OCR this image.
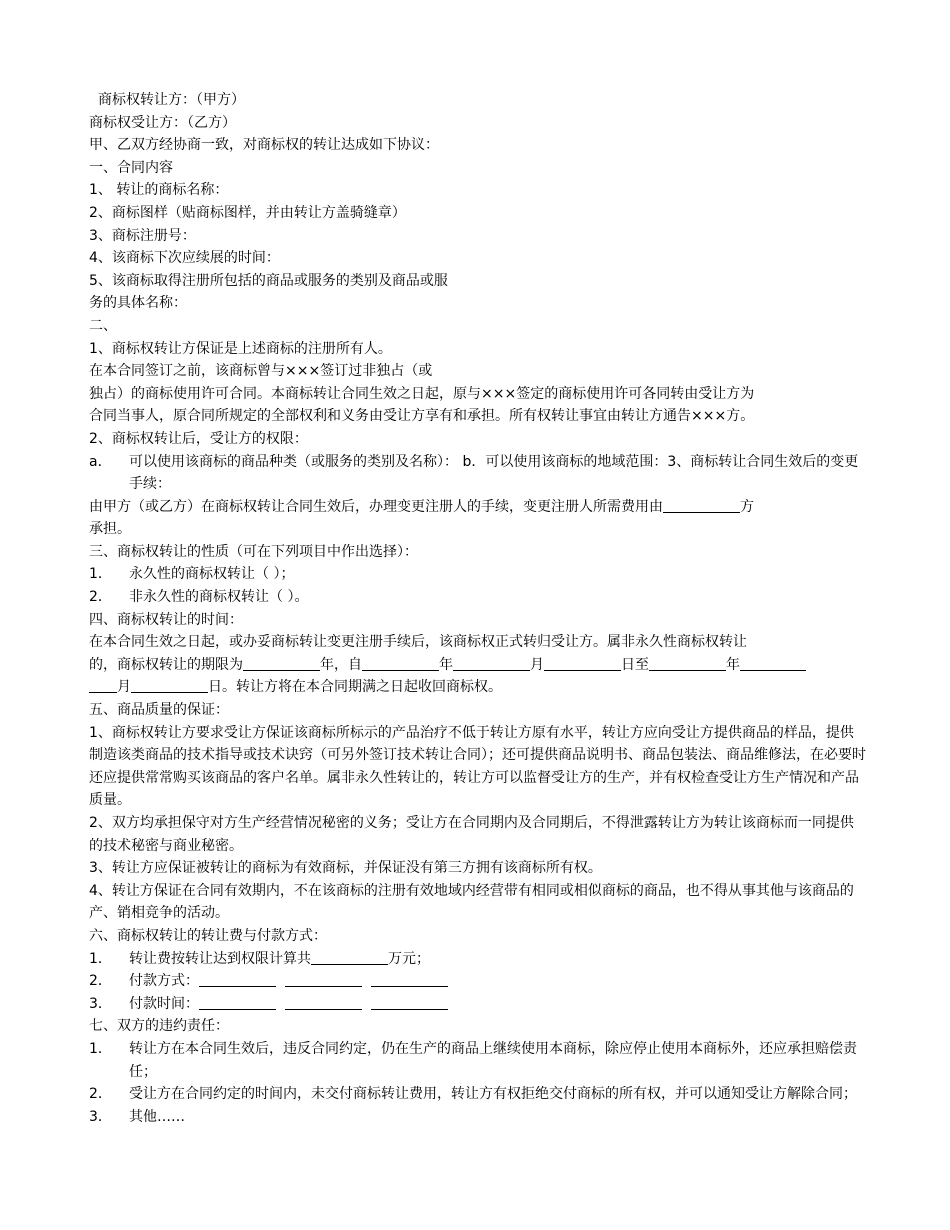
商标权转让方：（甲方）
商标权受让方：（乙方）
甲、乙双方经协商一致，对商标权的转让达成如下协议：
一、合同内容
1、 转让的商标名称：
2、商标图样（贴商标图样，并由转让方盖骑缝章）
3、商标注册号：
4、该商标下次应续展的时间：
5、该商标取得注册所包括的商品或服务的类别及商品或服
务的具体名称：
二、
1、商标权转让方保证是上述商标的注册所有人。
在本合同签订之前，该商标曾与×××签订过非独占（或
独占）的商标使用许可合同。本商标转让合同生效之日起，原与×××签定的商标使用许可各同转由受让方为
合同当事人，原合同所规定的全部权利和义务由受让方享有和承担。所有权转让事宜由转让方通告×××方。
2、商标权转让后，受让方的权限：
a．	可以使用该商标的商品种类（或服务的类别及名称）： b．可以使用该商标的地域范围：3、商标转让合同生效后的变更手续：
由甲方（或乙方）在商标权转让合同生效后，办理变更注册人的手续，变更注册人所需费用由	方
承担。
三、商标权转让的性质（可在下列项目中作出选择）：
1．	永久性的商标权转让（ ）；
2．	非永久性的商标权转让（ ）。
四、商标权转让的时间：
在本合同生效之日起，或办妥商标转让变更注册手续后，该商标权正式转归受让方。属非永久性商标权转让
的，商标权转让的期限为	年，自	年	月	日至	年
月	日。转让方将在本合同期满之日起收回商标权。
五、商品质量的保证：
1、商标权转让方要求受让方保证该商标所标示的产品治疗不低于转让方原有水平，转让方应向受让方提供商品的样品，提供制造该类商品的技术指导或技术诀窍（可另外签订技术转让合同）；还可提供商品说明书、商品包装法、商品维修法，在必要时还应提供常常购买该商品的客户名单。属非永久性转让的，转让方可以监督受让方的生产，并有权检查受让方生产情况和产品质量。
2、双方均承担保守对方生产经营情况秘密的义务；受让方在合同期内及合同期后，不得泄露转让方为转让该商标而一同提供的技术秘密与商业秘密。
3、转让方应保证被转让的商标为有效商标，并保证没有第三方拥有该商标所有权。
4、转让方保证在合同有效期内，不在该商标的注册有效地域内经营带有相同或相似商标的商品，也不得从事其他与该商品的产、销相竞争的活动。
六、商标权转让的转让费与付款方式：
1．	转让费按转让达到权限计算共	万元；
2．	付款方式：
3．	付款时间：
七、双方的违约责任：
1．	转让方在本合同生效后，违反合同约定，仍在生产的商品上继续使用本商标，除应停止使用本商标外，还应承担赔偿责任；
2．	受让方在合同约定的时间内，未交付商标转让费用，转让方有权拒绝交付商标的所有权，并可以通知受让方解除合同；
3．	其他……
